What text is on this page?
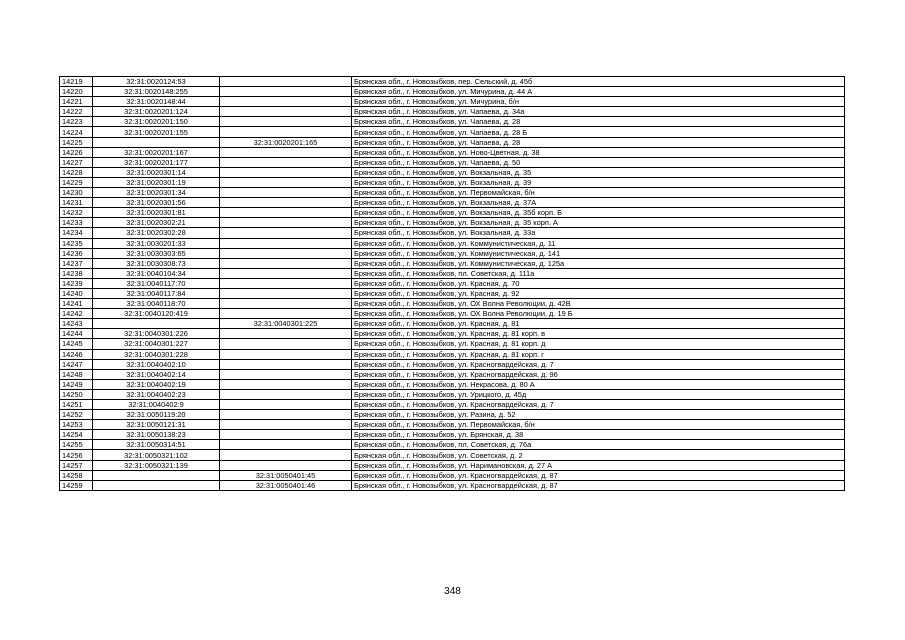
14219	32:31:0020124:53		Брянская обл., г. Новозыбков, пер. Сельский, д. 45б
14220	32:31:0020148:255		Брянская обл., г. Новозыбков, ул. Мичурина, д. 44 А
14221	32:31:0020148:44		Брянская обл., г. Новозыбков, ул. Мичурина, б/н
14222	32:31:0020201:124		Брянская обл., г. Новозыбков, ул. Чапаева, д. 34а
14223	32:31:0020201:150		Брянская обл., г. Новозыбков, ул. Чапаева, д. 28
14224	32:31:0020201:155		Брянская обл., г. Новозыбков, ул. Чапаева, д. 28 Б
14225		32:31:0020201:165	Брянская обл., г. Новозыбков, ул. Чапаева, д. 28
14226	32:31:0020201:167		Брянская обл., г. Новозыбков, ул. Ново-Цветная, д. 38
14227	32:31:0020201:177		Брянская обл., г. Новозыбков, ул. Чапаева, д. 50
14228	32:31:0020301:14		Брянская обл., г. Новозыбков, ул. Вокзальная, д. 35
14229	32:31:0020301:19		Брянская обл., г. Новозыбков, ул. Вокзальная, д. 39
14230	32:31:0020301:34		Брянская обл., г. Новозыбков, ул. Первомайская, б/н
14231	32:31:0020301:56		Брянская обл., г. Новозыбков, ул. Вокзальная, д. 37А
14232	32:31:0020301:81		Брянская обл., г. Новозыбков, ул. Вокзальная, д. 35б корп. Б
14233	32:31:0020302:21		Брянская обл., г. Новозыбков, ул. Вокзальная, д. 35 корп. А
14234	32:31:0020302:28		Брянская обл., г. Новозыбков, ул. Вокзальная, д. 33а
14235	32:31:0030201:33		Брянская обл., г. Новозыбков, ул. Коммунистическая, д. 11
14236	32:31:0030303:65		Брянская обл., г. Новозыбков, ул. Коммунистическая, д. 141
14237	32:31:0030308:73		Брянская обл., г. Новозыбков, ул. Коммунистическая, д. 125а
14238	32:31:0040104:34		Брянская обл., г. Новозыбков, пл. Советская, д. 111а
14239	32:31:0040117:70		Брянская обл., г. Новозыбков, ул. Красная, д. 70
14240	32:31:0040117:84		Брянская обл., г. Новозыбков, ул. Красная, д. 92
14241	32:31:0040118:70		Брянская обл., г. Новозыбков, ул. ОХ Волна Революции, д. 42В
14242	32:31:0040120:419		Брянская обл., г. Новозыбков, ул. ОХ Волна Революции, д. 19 Б
14243		32:31:0040301:225	Брянская обл., г. Новозыбков, ул. Красная, д. 81
14244	32:31:0040301:226		Брянская обл., г. Новозыбков, ул. Красная, д. 81 корп. в
14245	32:31:0040301:227		Брянская обл., г. Новозыбков, ул. Красная, д. 81 корп. д
14246	32:31:0040301:228		Брянская обл., г. Новозыбков, ул. Красная, д. 81 корп. г
14247	32:31:0040402:10		Брянская обл., г. Новозыбков, ул. Красногвардейская, д. 7
14248	32:31:0040402:14		Брянская обл., г. Новозыбков, ул. Красногвардейская, д. 96
14249	32:31:0040402:19		Брянская обл., г. Новозыбков, ул. Некрасова, д. 80 А
14250	32:31:0040402:23		Брянская обл., г. Новозыбков, ул. Урицкого, д. 45д
14251	32:31:0040402:9		Брянская обл., г. Новозыбков, ул. Красногвардейская, д. 7
14252	32:31:0050119:20		Брянская обл., г. Новозыбков, ул. Разина, д. 52
14253	32:31:0050121:31		Брянская обл., г. Новозыбков, ул. Первомайская, б/н
14254	32:31:0050138:23		Брянская обл., г. Новозыбков, ул. Брянская, д. 38
14255	32:31:0050314:51		Брянская обл., г. Новозыбков, пл. Советская, д. 76а
14256	32:31:0050321:102		Брянская обл., г. Новозыбков, ул. Советская, д. 2
14257	32:31:0050321:139		Брянская обл., г. Новозыбков, ул. Наримановская, д. 27 А
14258		32:31:0050401:45	Брянская обл., г. Новозыбков, ул. Красногвардейская, д. 87
14259		32:31:0050401:46	Брянская обл., г. Новозыбков, ул. Красногвардейская, д. 87
348
